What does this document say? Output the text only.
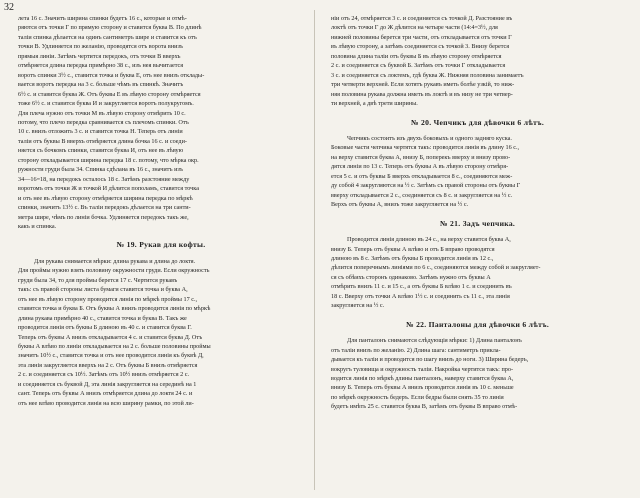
32
лета 16 с. Значитъ ширина спинки будетъ 16 с., которые и отмѣ-
ряются отъ точки Г по прямую сторону и ставится буква В. По длинѣ
талiи спинка дѣлается на одинъ сантиметръ шире и ставится къ отъ
точки В. Удлиняется по желанiю, проводятся отъ ворота внизъ
прямыя линiи. Затѣмъ чертится передокъ, отъ точки В вверхъ
отмѣряется длина передка примѣрно 38 с., изъ нея вычитается
воротъ спинки 3½ с., ставится точка и буква Е, отъ нее внизъ отклады-
вается воротъ передка на 3 с. больше чѣмъ въ спинкѣ. Значитъ
6½ с. и ставится буква Ж. Отъ буквы Е въ лѣвую сторону отмѣряется
тоже 6½ с. и ставится буква И и закругляется воротъ полукругомъ.
Для плеча нужно отъ точки М въ лѣвую сторону отмѣрить 10 с.
потому, что плечо передка сравнивается съ плечомъ спинки. Отъ
10 с. внизъ отложить 3 с. и ставится точка Н. Теперь отъ линiи
талiи отъ буквы В вверхъ отмѣряется длина бочка 16 с. и соеди-
няется съ бочкомъ спинки, ставится буква И, отъ нее въ лѣвую
сторону откладывается ширина передка 18 с. потому, что мѣрка окр.
ружности груди была 34. Спинка сдѣлана въ 16 с., значитъ изъ
34—16=18, на передокъ осталось 18 с. Затѣмъ разстояние между
воротомъ отъ точки Ж и точкой И дѣлится пополамъ, ставится точка
и отъ нее въ лѣвую сторону отмѣряется ширина передка по мѣркѣ
спинки, значитъ 13½ с. Въ талiи передокъ дѣлается на три санти-
метра шире, чѣмъ по линiи бочка. Удлиняется передокъ такъ же,
какъ и спинка.
№ 19. Рукав для кофты.
Для рукава снимается мѣрки: длина рукава и длина до локтя.
Для проймы нужно взять половину окружности груди. Если окружность
груди была 34, то для проймы берется 17 с. Чертится рукавъ
такъ: съ правой стороны листа бумаги ставится точка и буква А,
отъ нее въ лѣвую сторону проводится линiя по мѣркѣ проймы 17 с.,
ставится точка и буква Б. Отъ буквы А внизъ проводится линiя по мѣркѣ
длина рукава примѣрно 40 с., ставится точка и буква В. Такъ же
проводится линiя отъ буквы Б длиною въ 40 с. и ставится буква Г.
Теперь отъ буквы А внизъ откладывается 4 с. и ставится буква Д. Отъ
буквы А влѣво по линiи откладывается на 2 с. больше половины проймы
значитъ 10½ с., ставится точка и отъ нее проводится линiя къ буквѣ Д,
эта линiя закругляется вверхъ на 2 с. Отъ буквы Б внизъ отмѣряется
2 с. и соединяется съ 10½. Затѣмъ отъ 10½ внизъ отмѣряется 2 с.
и соединяется съ буквой Д, эта линiя закругляется на серединѣ на 1
сант. Теперь отъ буквы А внизъ отмѣряется длина до локтя 24 с. и
отъ нее влѣво проводится линiя на всю ширину рамки, по этой ли-
нiи отъ 24, отмѣряется 3 с. и соединяется съ точкой Д. Разстояние въ
локтѣ отъ точки Г до Ж дѣлится на четыре части (14:4=3½, для
нижней половины берется три части, отъ откладывается отъ точки Г
въ лѣвую сторону, а затѣмъ соединяется съ точкой 3. Внизу берется
половина длина талiи отъ буквы Б въ лѣвую сторону отмѣряется
2 с. и соединяется съ буквой Б. Затѣмъ отъ точки Г откладывается
3 с. и соединяется съ локтемъ, гдѣ буква Ж. Нижняя половина занимаетъ
три четверти верхней. Если хотятъ рукавъ иметь болѣе узкiй, то ниж-
няя половина рукава должна иметь въ локтѣ и въ низу не три четвер-
ти верхней, а двѣ трети ширины.
№ 20. Чепчикъ для дѣвочки 6 лѣтъ.
Чепчикъ состоитъ изъ двухъ боковыхъ и одного задняго куска.
Боковые части чепчика чертятся такъ: проводится линiя въ длину 16 с.,
на верху ставится буква А, внизу Б, поперекъ вверху и внизу прово-
дятся линiи по 13 с. Теперь отъ буквы А въ лѣвую сторону отмѣря-
ется 5 с. и отъ буквы Б вверхъ откладывается 8 с., соединяются меж-
ду собой 4 закругляются на ½ с. Затѣмъ съ правой стороны отъ буквы Г
вверху откладывается 2 с., соединяется съ 8 с. и закругляется на ½ с.
Верхъ отъ буквы А, внизъ тоже закругляется на ½ с.
№ 21. Задъ чепчика.
Проводится линiя длиною въ 24 с., на верху ставится буква А,
внизу Б. Теперь отъ буквы А влѣво и отъ Б вправо проводятся
длиною въ 8 с. Затѣмъ отъ буквы Б проводится линiя въ 12 с.,
дѣлится поперечнымъ линiями по 6 с., соединяются между собой и закругляет-
ся съ обѣихъ сторонъ одинаково. Затѣмъ нужно отъ буквы А
отмѣрить внизъ 11 с. и 15 с., а отъ буквы Б влѣво 1 с. и соединить въ
18 с. Вверху отъ точки А влѣво 1½ с. и соединить съ 11 с., эта линiя
закругляется на ½ с.
№ 22. Панталоны для дѣвочки 6 лѣтъ.
Для панталонъ снимаются слѣдующiя мѣрки: 1) Длина панталонъ
отъ талiи внизъ по желанiю. 2) Длина шага: сантиметръ прикла-
дывается къ талiи и проводится по шагу внизъ до ноги. 3) Ширина бедеръ,
вокругъ туловища и окружность талiи. Накройка чертится такъ: про-
водится линiя по мѣркѣ длины панталонъ, наверху ставится буква А,
внизу Б. Теперь отъ буквы А внизъ проводится линiя въ 10 с. меньше
по мѣркѣ окружность бедеръ. Если бедры были снять 35 то линiя
будетъ имѣть 25 с. ставится буква В, затѣмъ отъ буквы В вправо отмѣ-
